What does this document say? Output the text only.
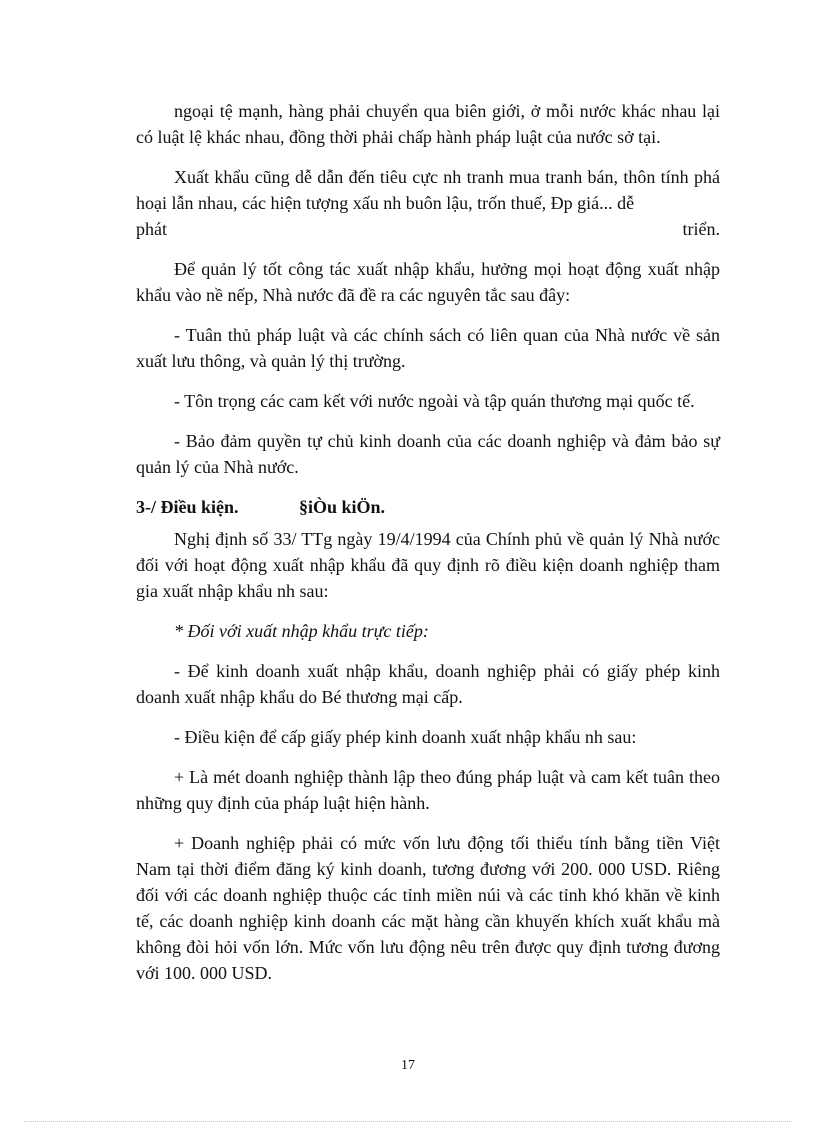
ngoại tệ mạnh, hàng phải chuyển qua biên giới, ở mỗi nước khác nhau lại có luật lệ khác nhau, đồng thời phải chấp hành pháp luật của nước sở tại.

Xuất khẩu cũng dễ dẫn đến tiêu cực nh tranh mua tranh bán, thôn tính phá hoại lẫn nhau, các hiện tượng xấu nh buôn lậu, trốn thuế, Ðp giá... dễ

phát	triển.

Để quản lý tốt công tác xuất nhập khẩu, hưởng mọi hoạt động xuất nhập khẩu vào nề nếp, Nhà nước đã đề ra các nguyên tắc sau đây:

- Tuân thủ pháp luật và các chính sách có liên quan của Nhà nước về sản xuất lưu thông, và quản lý thị trường.

- Tôn trọng các cam kết với nước ngoài và tập quán thương mại quốc tế.

- Bảo đảm quyền tự chủ kinh doanh của các doanh nghiệp và đảm bảo sự quản lý của Nhà nước.

3-/ Điều kiện.	§iÒu kiÖn.

Nghị định số 33/ TTg ngày 19/4/1994 của Chính phủ về quản lý Nhà nước đối với hoạt động xuất nhập khẩu đã quy định rõ điều kiện doanh nghiệp tham gia xuất nhập khẩu nh sau:

* Đối với xuất nhập khẩu trực tiếp:

- Để kinh doanh xuất nhập khẩu, doanh nghiệp phải có giấy phép kinh doanh xuất nhập khẩu do Bé thương mại cấp.

- Điều kiện để cấp giấy phép kinh doanh xuất nhập khẩu nh sau:

+ Là mét doanh nghiệp thành lập theo đúng pháp luật và cam kết tuân theo những quy định của pháp luật hiện hành.

+ Doanh nghiệp phải có mức vốn lưu động tối thiểu tính bằng tiền Việt Nam tại thời điểm đăng ký kinh doanh, tương đương với 200. 000 USD. Riêng đối với các doanh nghiệp thuộc các tỉnh miền núi và các tỉnh khó khăn về kinh tế, các doanh nghiệp kinh doanh các mặt hàng cần khuyến khích xuất khẩu mà không đòi hỏi vốn lớn. Mức vốn lưu động nêu trên được quy định tương đương với 100. 000 USD.

17
